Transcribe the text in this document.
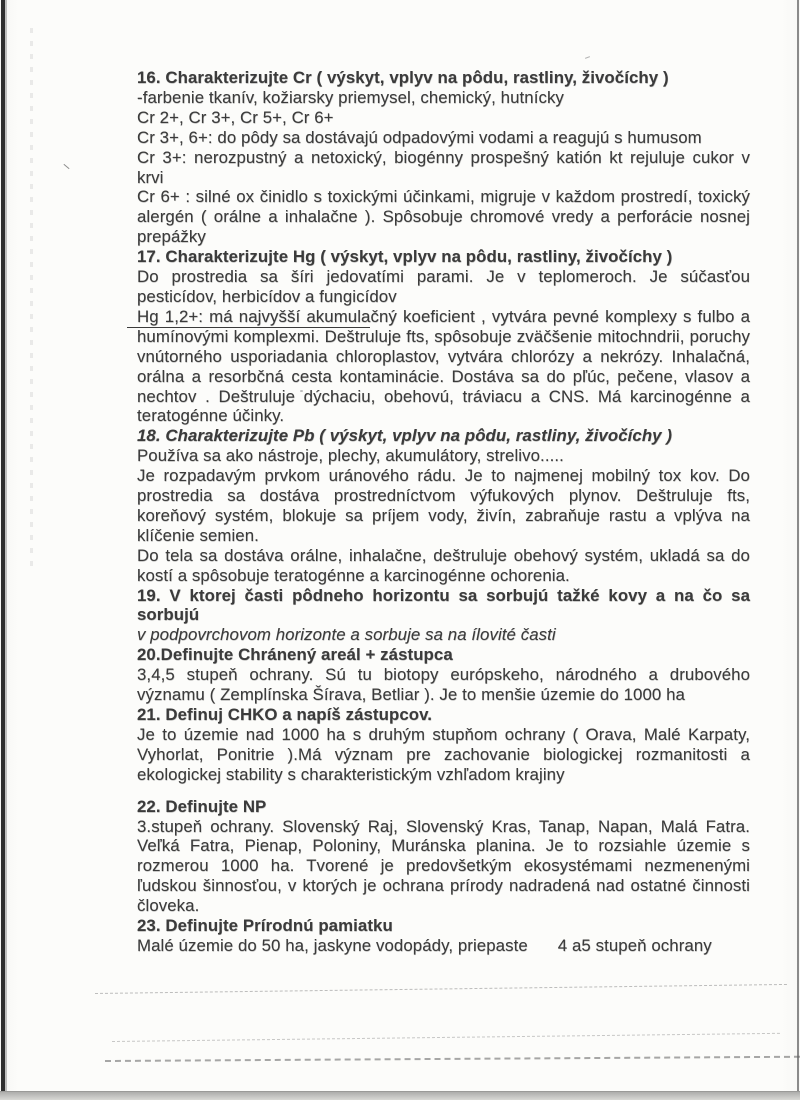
16. Charakterizujte Cr ( výskyt, vplyv na pôdu, rastliny, živočíchy )

-farbenie tkanív, kožiarsky priemysel, chemický, hutnícky

Cr 2+, Cr 3+, Cr 5+, Cr 6+

Cr 3+, 6+: do pôdy sa dostávajú odpadovými vodami a reagujú s humusom

Cr 3+: nerozpustný a netoxický, biogénny prospešný katión kt rejuluje cukor v krvi

Cr 6+ : silné ox činidlo s toxickými účinkami, migruje v každom prostredí, toxický alergén ( orálne a inhalačne ). Spôsobuje chromové vredy a perforácie nosnej prepážky

17. Charakterizujte Hg ( výskyt, vplyv na pôdu, rastliny, živočíchy )

Do prostredia sa šíri jedovatími parami. Je v teplomeroch. Je súčasťou pesticídov, herbicídov a fungicídov

Hg 1,2+: má najvyšší akumulačný koeficient , vytvára pevné komplexy s fulbo a humínovými komplexmi. Deštruluje fts, spôsobuje zväčšenie mitochndrii, poruchy vnútorného usporiadania chloroplastov, vytvára chlorózy a nekrózy. Inhalačná, orálna a resorbčná cesta kontaminácie. Dostáva sa do pľúc, pečene, vlasov a nechtov . Deštruluje dýchaciu, obehovú, tráviacu a CNS. Má karcinogénne a teratogénne účinky.

18. Charakterizujte Pb ( výskyt, vplyv na pôdu, rastliny, živočíchy )

Používa sa ako nástroje, plechy, akumulátory, strelivo.....

Je rozpadavým prvkom uránového rádu. Je to najmenej mobilný tox kov. Do prostredia sa dostáva prostredníctvom výfukových plynov. Deštruluje fts, koreňový systém, blokuje sa príjem vody, živín, zabraňuje rastu a vplýva na klíčenie semien.

Do tela sa dostáva orálne, inhalačne, deštruluje obehový systém, ukladá sa do kostí a spôsobuje teratogénne a karcinogénne ochorenia.

19. V ktorej časti pôdneho horizontu sa sorbujú tažké kovy a na čo sa sorbujú

v podpovrchovom horizonte a sorbuje sa na ílovité časti

20.Definujte Chránený areál + zástupca

3,4,5 stupeň ochrany. Sú tu biotopy európskeho, národného a drubového významu ( Zemplínska Šírava, Betliar ). Je to menšie územie do 1000 ha

21. Definuj CHKO a napíš zástupcov.

Je to územie nad 1000 ha s druhým stupňom ochrany ( Orava, Malé Karpaty, Vyhorlat, Ponitrie ).Má význam pre zachovanie biologickej rozmanitosti a ekologickej stability s charakteristickým vzhľadom krajiny

22. Definujte NP

3.stupeň ochrany. Slovenský Raj, Slovenský Kras, Tanap, Napan, Malá Fatra. Veľká Fatra, Pienap, Poloniny, Muránska planina. Je to rozsiahle územie s rozmerou 1000 ha. Tvorené je predovšetkým ekosystémami nezmenenými ľudskou šinnosťou, v ktorých je ochrana prírody nadradená nad ostatné činnosti človeka.

23. Definujte Prírodnú pamiatku

Malé územie do 50 ha, jaskyne vodopády, priepaste 4 a5 stupeň ochrany
